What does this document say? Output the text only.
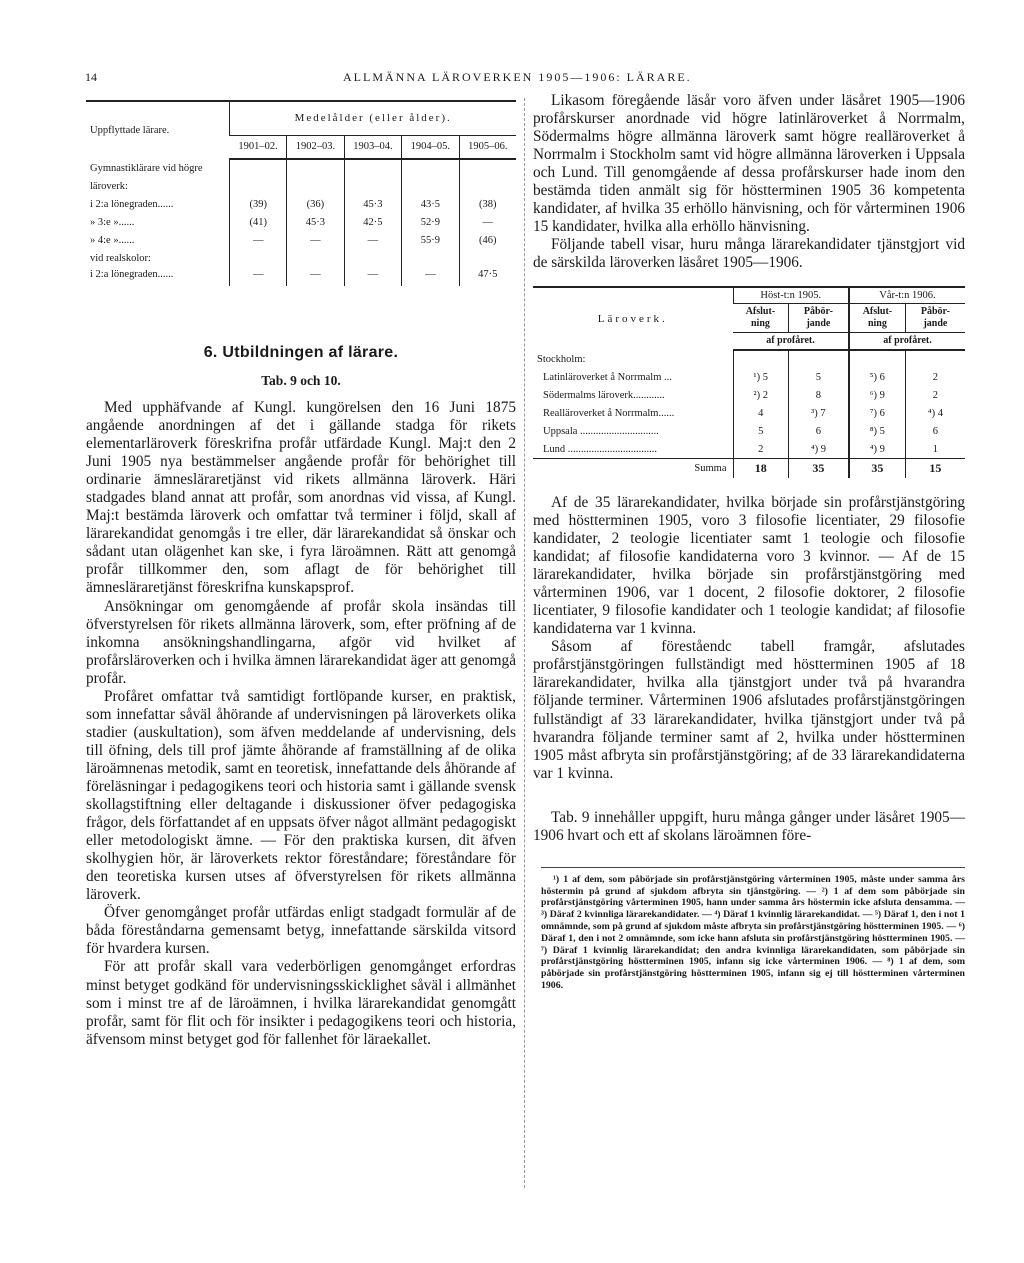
14	ALLMÄNNA LÄROVERKEN 1905—1906: LÄRARE.
Uppflyttade lärare.	Medelålder (eller ålder).				
	1901–02.	1902–03.	1903–04.	1904–05.	1905–06.
Gymnastiklärare vid högre					
läroverk:					
i 2:a lönegraden......	(39)	(36)	45·3	43·5	(38)
» 3:e »......	(41)	45·3	42·5	52·9	—
» 4:e »......	—	—	—	55·9	(46)
vid realskolor:					
i 2:a lönegraden......	—	—	—	—	47·5
6. Utbildningen af lärare.
Tab. 9 och 10.

Med upphäfvande af Kungl. kungörelsen den 16 Juni 1875 angående anordningen af det i gällande stadga för rikets elementarläroverk föreskrifna profår utfärdade Kungl. Maj:t den 2 Juni 1905 nya bestämmelser angående profår för behörighet till ordinarie ämnesläraretjänst vid rikets allmänna läroverk. Häri stadgades bland annat att profår, som anordnas vid vissa, af Kungl. Maj:t bestämda läroverk och omfattar två terminer i följd, skall af lärarekandidat genomgås i tre eller, där lärarekandidat så önskar och sådant utan olägenhet kan ske, i fyra läroämnen. Rätt att genomgå profår tillkommer den, som aflagt de för behörighet till ämnesläraretjänst föreskrifna kunskapsprof.

Ansökningar om genomgående af profår skola insändas till öfverstyrelsen för rikets allmänna läroverk, som, efter pröfning af de inkomna ansökningshandlingarna, afgör vid hvilket af profårsläroverken och i hvilka ämnen lärarekandidat äger att genomgå profår.

Profåret omfattar två samtidigt fortlöpande kurser, en praktisk, som innefattar såväl åhörande af undervisningen på läroverkets olika stadier (auskultation), som äfven meddelande af undervisning, dels till öfning, dels till prof jämte åhörande af framställning af de olika läroämnenas metodik, samt en teoretisk, innefattande dels åhörande af föreläsningar i pedagogikens teori och historia samt i gällande svensk skollagstiftning eller deltagande i diskussioner öfver pedagogiska frågor, dels författandet af en uppsats öfver något allmänt pedagogiskt eller metodologiskt ämne. — För den praktiska kursen, dit äfven skolhygien hör, är läroverkets rektor föreståndare; föreståndare för den teoretiska kursen utses af öfverstyrelsen för rikets allmänna läroverk.

Öfver genomgånget profår utfärdas enligt stadgadt formulär af de båda föreståndarna gemensamt betyg, innefattande särskilda vitsord för hvardera kursen.

För att profår skall vara vederbörligen genomgånget erfordras minst betyget godkänd för undervisningsskicklighet såväl i allmänhet som i minst tre af de läroämnen, i hvilka lärarekandidat genomgått profår, samt för flit och för insikter i pedagogikens teori och historia, äfvensom minst betyget god för fallenhet för läraekallet.

Likasom föregående läsår voro äfven under läsåret 1905—1906 profårskurser anordnade vid högre latinläroverket å Norrmalm, Södermalms högre allmänna läroverk samt högre realläroverket å Norrmalm i Stockholm samt vid högre allmänna läroverken i Uppsala och Lund. Till genomgående af dessa profårskurser hade inom den bestämda tiden anmält sig för höstterminen 1905 36 kompetenta kandidater, af hvilka 35 erhöllo hänvisning, och för vårterminen 1906 15 kandidater, hvilka alla erhöllo hänvisning.

Följande tabell visar, huru många lärarekandidater tjänstgjort vid de särskilda läroverken läsåret 1905—1906.

Läroverk.	Höst-t:n 1905.		Vår-t:n 1906.	
	Afslut-ning	Påbör-jande	Afslut-ning	Påbör-jande
	af profåret.		af profåret.	
Stockholm:				
Latinläroverket å Norrmalm ...	¹) 5	5	⁵) 6	2
Södermalms läroverk............	²) 2	8	⁶) 9	2
Realläroverket å Norrmalm......	4	³) 7	⁷) 6	⁴) 4
Uppsala ..............................	5	6	⁸) 5	6
Lund ..................................	2	⁴) 9	⁴) 9	1
Summa	18	35	35	15

Af de 35 lärarekandidater, hvilka började sin profårstjänstgöring med höstterminen 1905, voro 3 filosofie licentiater, 29 filosofie kandidater, 2 teologie licentiater samt 1 teologie och filosofie kandidat; af filosofie kandidaterna voro 3 kvinnor. — Af de 15 lärarekandidater, hvilka började sin profårstjänstgöring med vårterminen 1906, var 1 docent, 2 filosofie doktorer, 2 filosofie licentiater, 9 filosofie kandidater och 1 teologie kandidat; af filosofie kandidaterna var 1 kvinna.

Såsom af föreståendc tabell framgår, afslutades profårstjänstgöringen fullständigt med höstterminen 1905 af 18 lärarekandidater, hvilka alla tjänstgjort under två på hvarandra följande terminer. Vårterminen 1906 afslutades profårstjänstgöringen fullständigt af 33 lärarekandidater, hvilka tjänstgjort under två på hvarandra följande terminer samt af 2, hvilka under höstterminen 1905 måst afbryta sin profårstjänstgöring; af de 33 lärarekandidaterna var 1 kvinna.

Tab. 9 innehåller uppgift, huru många gånger under läsåret 1905—1906 hvart och ett af skolans läroämnen före-

¹) 1 af dem, som påbörjade sin profårstjänstgöring vårterminen 1905, måste under samma års höstermin på grund af sjukdom afbryta sin tjänstgöring. — ²) 1 af dem som påbörjade sin profårstjänstgöring vårterminen 1905, hann under samma års höstermin icke afsluta densamma. — ³) Däraf 2 kvinnliga lärarekandidater. — ⁴) Däraf 1 kvinnlig lärarekandidat. — ⁵) Däraf 1, den i not 1 omnämnde, som på grund af sjukdom måste afbryta sin profårstjänstgöring höstterminen 1905. — ⁶) Däraf 1, den i not 2 omnämnde, som icke hann afsluta sin profårstjänstgöring höstterminen 1905. — ⁷) Däraf 1 kvinnlig lärarekandidat; den andra kvinnliga lärarekandidaten, som påbörjade sin profårstjänstgöring höstterminen 1905, infann sig icke vårterminen 1906. — ⁸) 1 af dem, som påbörjade sin profårstjänstgöring höstterminen 1905, infann sig ej till höstterminen vårterminen 1906.
